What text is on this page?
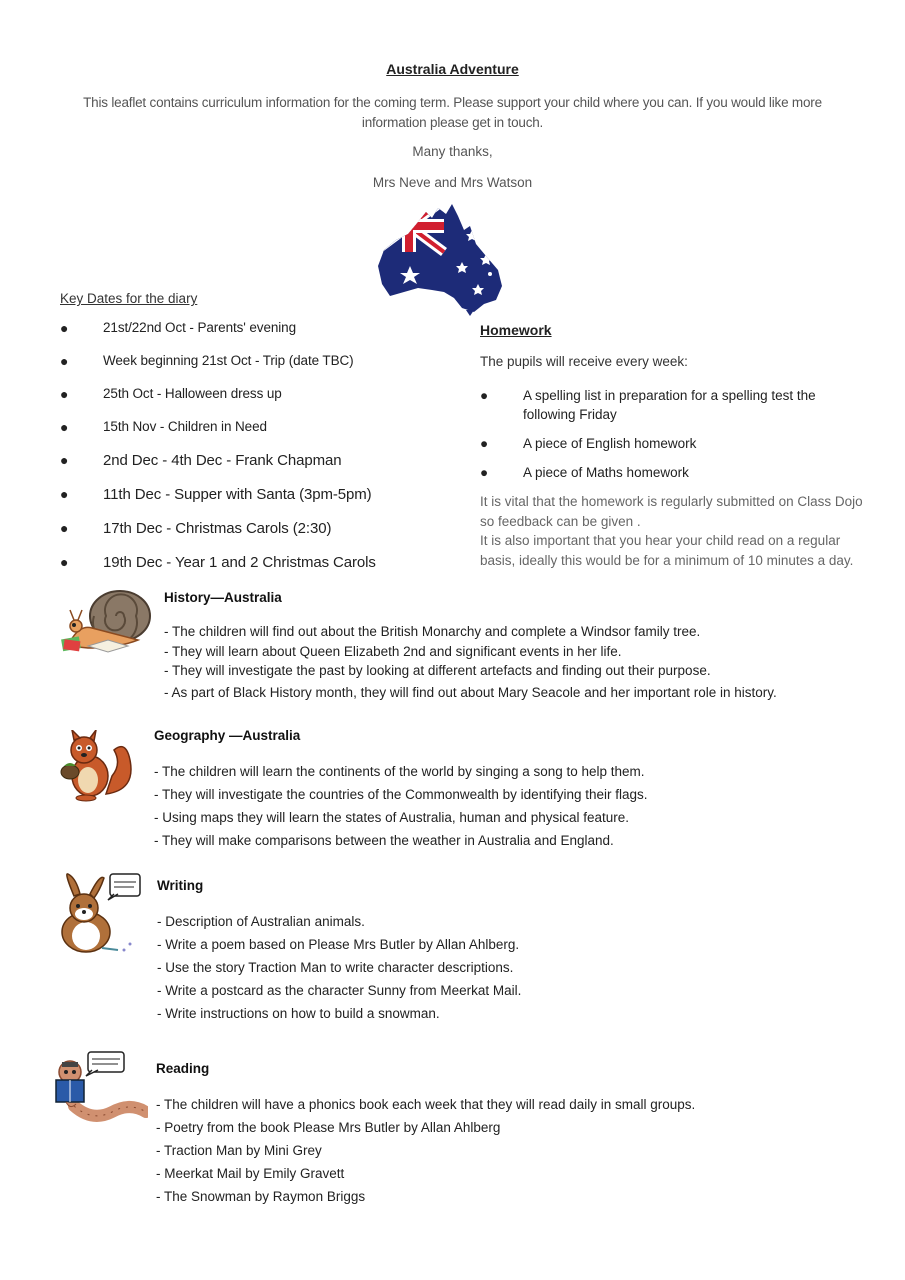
Australia Adventure
This leaflet contains curriculum information for the coming term. Please support your child where you can. If you would like more information please get in touch.
Many thanks,
Mrs Neve and Mrs Watson
Key Dates for the diary
●	21st/22nd Oct - Parents' evening
●	Week beginning 21st Oct - Trip (date TBC)
●	25th Oct - Halloween dress up
●	15th Nov - Children in Need
● 2nd Dec - 4th Dec - Frank Chapman
● 11th Dec - Supper with Santa (3pm-5pm)
● 17th Dec - Christmas Carols (2:30)
● 19th Dec - Year 1 and 2 Christmas Carols
Homework
The pupils will receive every week:
●	A spelling list in preparation for a spelling test the following Friday
●	A piece of English homework
●	A piece of Maths homework
It is vital that the homework is regularly submitted on Class Dojo so feedback can be given .
It is also important that you hear your child read on a regular basis, ideally this would be for a minimum of 10 minutes a day.
History—Australia
- The children will find out about the British Monarchy and complete a Windsor family tree.
- They will learn about Queen Elizabeth 2nd and significant events in her life.
- They will investigate the past by looking at different artefacts and finding out their purpose.
- As part of Black History month, they will find out about Mary Seacole and her important role in history.
Geography —Australia
- The children will learn the continents of the world by singing a song to help them.
- They will investigate the countries of the Commonwealth by identifying their flags.
- Using maps they will learn the states of Australia, human and physical feature.
- They will make comparisons between the weather in Australia and England.
Writing
- Description of Australian animals.
- Write a poem based on Please Mrs Butler by Allan Ahlberg.
- Use the story Traction Man to write character descriptions.
- Write a postcard as the character Sunny from Meerkat Mail.
- Write instructions on how to build a snowman.
Reading
- The children will have a phonics book each week that they will read daily in small groups.
- Poetry from the book Please Mrs Butler by Allan Ahlberg
- Traction Man by Mini Grey
- Meerkat Mail by Emily Gravett
- The Snowman by Raymon Briggs
